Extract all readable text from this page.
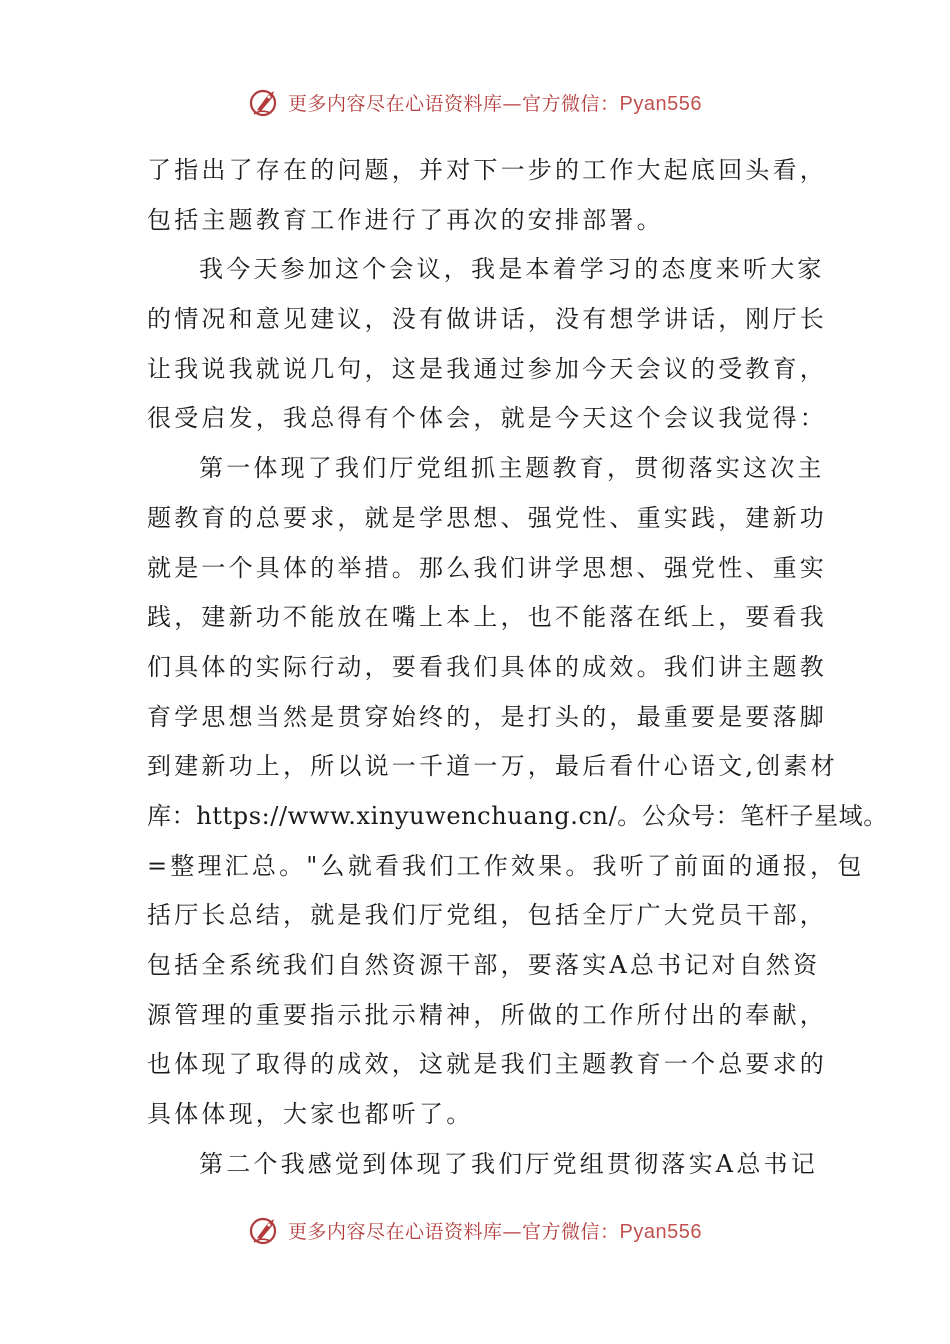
更多内容尽在心语资料库—官方微信：Pyan556
了指出了存在的问题，并对下一步的工作大起底回头看，
包括主题教育工作进行了再次的安排部署。
我今天参加这个会议，我是本着学习的态度来听大家
的情况和意见建议，没有做讲话，没有想学讲话，刚厅长
让我说我就说几句，这是我通过参加今天会议的受教育，
很受启发，我总得有个体会，就是今天这个会议我觉得：
第一体现了我们厅党组抓主题教育，贯彻落实这次主
题教育的总要求，就是学思想、强党性、重实践，建新功
就是一个具体的举措。那么我们讲学思想、强党性、重实
践，建新功不能放在嘴上本上，也不能落在纸上，要看我
们具体的实际行动，要看我们具体的成效。我们讲主题教
育学思想当然是贯穿始终的，是打头的，最重要是要落脚
到建新功上，所以说一千道一万，最后看什心语文,创素材
库：https://www.xinyuwenchuang.cn/。公众号：笔杆子星域。
=整理汇总。"么就看我们工作效果。我听了前面的通报，包
括厅长总结，就是我们厅党组，包括全厅广大党员干部，
包括全系统我们自然资源干部，要落实A总书记对自然资
源管理的重要指示批示精神，所做的工作所付出的奉献，
也体现了取得的成效，这就是我们主题教育一个总要求的
具体体现，大家也都听了。
第二个我感觉到体现了我们厅党组贯彻落实A总书记
更多内容尽在心语资料库—官方微信：Pyan556
